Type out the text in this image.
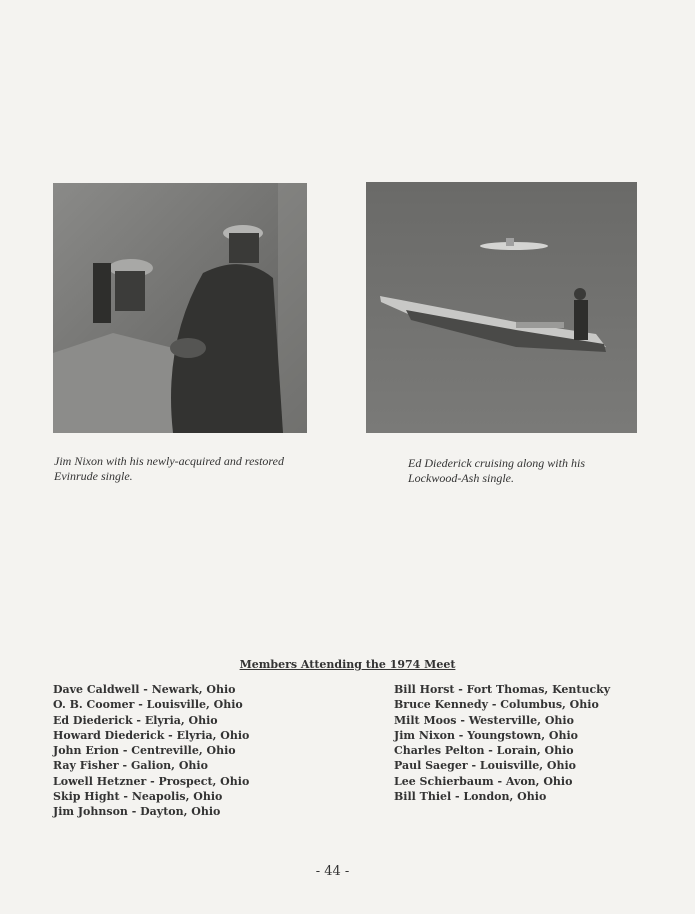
Jim Nixon with his newly-acquired and restored
Evinrude single.
Ed Diederick cruising along with his
Lockwood-Ash single.
Members Attending the 1974 Meet
Dave Caldwell - Newark, Ohio
O. B. Coomer - Louisville, Ohio
Ed Diederick - Elyria, Ohio
Howard Diederick - Elyria, Ohio
John Erion - Centreville, Ohio
Ray Fisher - Galion, Ohio
Lowell Hetzner - Prospect, Ohio
Skip Hight - Neapolis, Ohio
Jim Johnson - Dayton, Ohio
Bill Horst - Fort Thomas, Kentucky
Bruce Kennedy - Columbus, Ohio
Milt Moos - Westerville, Ohio
Jim Nixon - Youngstown, Ohio
Charles Pelton - Lorain, Ohio
Paul Saeger - Louisville, Ohio
Lee Schierbaum - Avon, Ohio
Bill Thiel - London, Ohio
- 44 -
